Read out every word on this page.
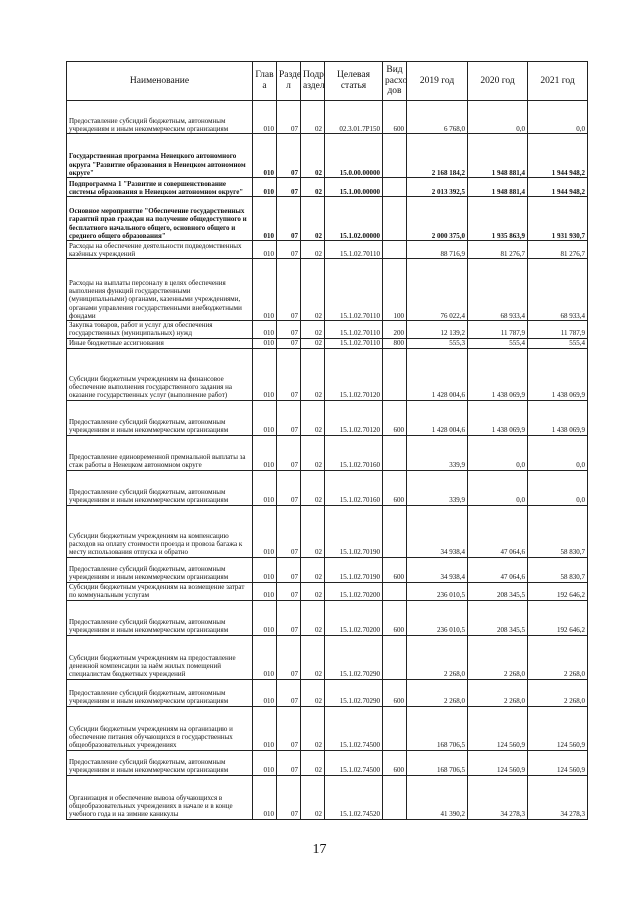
Наименование	Глав а	Разде л	Подр аздел	Целевая статья	Вид расхо дов	2019 год	2020 год	2021 год
Предоставление субсидий бюджетным, автономным учреждениям и иным некоммерческим организациям	010	07	02	02.3.01.7Р150	600	6 768,0	0,0	0,0
Государственная программа Ненецкого автономного округа "Развитие образования в Ненецком автономном округе"	010	07	02	15.0.00.00000		2 168 184,2	1 948 881,4	1 944 948,2
Подпрограмма 1 "Развитие и совершенствование системы образования в Ненецком автономном округе"	010	07	02	15.1.00.00000		2 013 392,5	1 948 881,4	1 944 948,2
Основное мероприятие "Обеспечение государственных гарантий прав граждан на получение общедоступного и бесплатного начального общего, основного общего и среднего общего образования"	010	07	02	15.1.02.00000		2 000 375,0	1 935 863,9	1 931 930,7
Расходы на обеспечение деятельности подведомственных казённых учреждений	010	07	02	15.1.02.70110		88 716,9	81 276,7	81 276,7
Расходы на выплаты персоналу в целях обеспечения выполнения функций государственными (муниципальными) органами, казенными учреждениями, органами управления государственными внебюджетными фондами	010	07	02	15.1.02.70110	100	76 022,4	68 933,4	68 933,4
Закупка товаров, работ и услуг для обеспечения государственных (муниципальных) нужд	010	07	02	15.1.02.70110	200	12 139,2	11 787,9	11 787,9
Иные бюджетные ассигнования	010	07	02	15.1.02.70110	800	555,3	555,4	555,4
Субсидии бюджетным учреждениям на финансовое обеспечение выполнения государственного задания на оказание государственных услуг (выполнение работ)	010	07	02	15.1.02.70120		1 428 004,6	1 438 069,9	1 438 069,9
Предоставление субсидий бюджетным, автономным учреждениям и иным некоммерческим организациям	010	07	02	15.1.02.70120	600	1 428 004,6	1 438 069,9	1 438 069,9
Предоставление единовременной премиальной выплаты за стаж работы в Ненецком автономном округе	010	07	02	15.1.02.70160		339,9	0,0	0,0
Предоставление субсидий бюджетным, автономным учреждениям и иным некоммерческим организациям	010	07	02	15.1.02.70160	600	339,9	0,0	0,0
Субсидии бюджетным учреждениям на компенсацию расходов на оплату стоимости проезда и провоза багажа к месту использования отпуска и обратно	010	07	02	15.1.02.70190		34 938,4	47 064,6	58 830,7
Предоставление субсидий бюджетным, автономным учреждениям и иным некоммерческим организациям	010	07	02	15.1.02.70190	600	34 938,4	47 064,6	58 830,7
Субсидии бюджетным учреждениям на возмещение затрат по коммунальным услугам	010	07	02	15.1.02.70200		236 010,5	208 345,5	192 646,2
Предоставление субсидий бюджетным, автономным учреждениям и иным некоммерческим организациям	010	07	02	15.1.02.70200	600	236 010,5	208 345,5	192 646,2
Субсидии бюджетным учреждениям на предоставление денежной компенсации за наём жилых помещений специалистам бюджетных учреждений	010	07	02	15.1.02.70290		2 268,0	2 268,0	2 268,0
Предоставление субсидий бюджетным, автономным учреждениям и иным некоммерческим организациям	010	07	02	15.1.02.70290	600	2 268,0	2 268,0	2 268,0
Субсидии бюджетным учреждениям на организацию и обеспечение питания обучающихся в государственных общеобразовательных учреждениях	010	07	02	15.1.02.74500		168 706,5	124 560,9	124 560,9
Предоставление субсидий бюджетным, автономным учреждениям и иным некоммерческим организациям	010	07	02	15.1.02.74500	600	168 706,5	124 560,9	124 560,9
Организация и обеспечение вывоза обучающихся в общеобразовательных учреждениях в начале и в конце учебного года и на зимние каникулы	010	07	02	15.1.02.74520		41 390,2	34 278,3	34 278,3
17
